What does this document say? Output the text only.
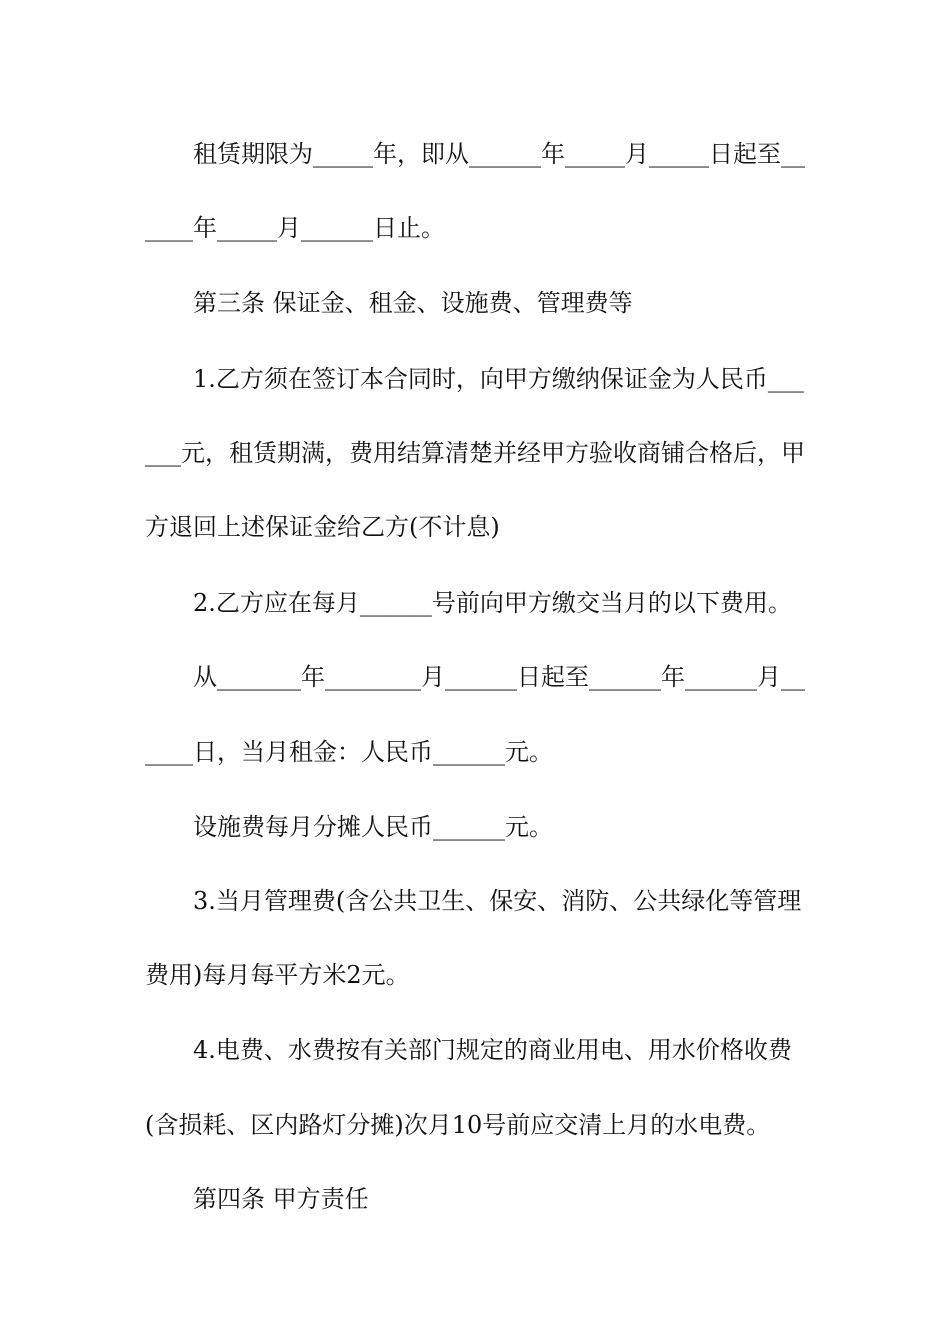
租赁期限为_____年，即从______年_____月_____日起至__
____年_____月______日止。
第三条 保证金、租金、设施费、管理费等
1.乙方须在签订本合同时，向甲方缴纳保证金为人民币___
___元，租赁期满，费用结算清楚并经甲方验收商铺合格后，甲
方退回上述保证金给乙方(不计息)
2.乙方应在每月______号前向甲方缴交当月的以下费用。
从_______年________月______日起至______年______月__
____日，当月租金：人民币______元。
设施费每月分摊人民币______元。
3.当月管理费(含公共卫生、保安、消防、公共绿化等管理
费用)每月每平方米2元。
4.电费、水费按有关部门规定的商业用电、用水价格收费
(含损耗、区内路灯分摊)次月10号前应交清上月的水电费。
第四条 甲方责任
